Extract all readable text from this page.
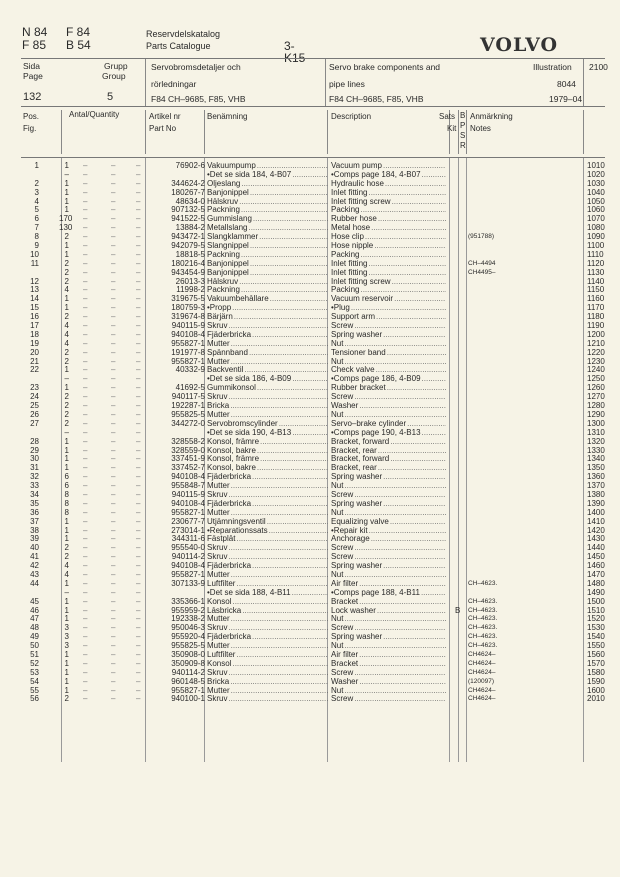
N 84	F 84
F 85	B 54
Reservdelskatalog
Parts Catalogue	3-K15
VOLVO
Sida
Page
Grupp
Group
132	5
Servobromsdetaljer och
rörledningar
F84 CH–9685, F85, VHB
Servo brake components and
pipe lines
F84 CH–9685, F85, VHB
Illustration
8044
1979–04
2100
Pos.
Fig.
Antal/Quantity	Artikel nr
Part No
Benämning	Description	Sats
Kit
B
P
S
R
Anmärkning
Notes
1	1	76902-6 Vakuumpump .....	Vacuum pump .....	1010
–	–	–
–	•Det se sida 184, 4-B07 .....	•Comps page 184, 4-B07 .....	1020
–	–	–
2	1	344624-2 Oljeslang .....	Hydraulic hose .....	1030
–	–	–
3	1	180267-7 Banjonippel .....	Inlet fitting .....	1040
–	–	–
4	1	48634-0 Hålskruv .....	Inlet fitting screw .....	1050
–	–	–
5	1	907132-5 Packning .....	Packing .....	1060
–	–	–
6	170	941522-5 Gummislang .....	Rubber hose .....	1070
–	–	–
7	130	13884-2 Metallslang .....	Metal hose .....	1080
–	–	–
8	2	943472-1 Slangklammer .....	Hose clip .....	(951788)	1090
–	–	–
9	1	942079-5 Slangnippel .....	Hose nipple .....	1100
–	–	–
10	1	18818-5 Packning .....	Packing .....	1110
–	–	–
11	2	180216-4 Banjonippel .....	Inlet fitting .....	CH–4494	1120
–	–	–
2	943454-9 Banjonippel .....	Inlet fitting .....	CH4495–	1130
–	–	–
12	2	26013-3 Hålskruv .....	Inlet fitting screw .....	1140
–	–	–
13	4	11998-2 Packning .....	Packing .....	1150
–	–	–
14	1	319675-5 Vakuumbehållare .....	Vacuum reservoir .....	1160
–	–	–
15	1	180759-3 •Propp .....	•Plug .....	1170
–	–	–
16	2	319674-8 Bärjärn .....	Support arm .....	1180
–	–	–
17	4	940115-9 Skruv .....	Screw .....	1190
–	–	–
18	4	940108-4 Fjäderbricka .....	Spring washer .....	1200
–	–	–
19	4	955827-1 Mutter .....	Nut .....	1210
–	–	–
20	2	191977-8 Spännband .....	Tensioner band .....	1220
–	–	–
21	2	955827-1 Mutter .....	Nut .....	1230
–	–	–
22	1	40332-9 Backventil .....	Check valve .....	1240
–	–	–
–	•Det se sida 186, 4-B09 .....	•Comps page 186, 4-B09 .....	1250
–	–	–
23	1	41692-5 Gummikonsol .....	Rubber bracket .....	1260
–	–	–
24	2	940117-5 Skruv .....	Screw .....	1270
–	–	–
25	2	192287-1 Bricka .....	Washer .....	1280
–	–	–
26	2	955825-5 Mutter .....	Nut .....	1290
–	–	–
27	2	344272-0 Servobromscylinder .....	Servo–brake cylinder .....	1300
–	–	–
–	•Det se sida 190, 4-B13 .....	•Comps page 190, 4-B13 .....	1310
–	–	–
28	1	328558-2 Konsol, främre .....	Bracket, forward .....	1320
–	–	–
29	1	328559-0 Konsol, bakre .....	Bracket, rear .....	1330
–	–	–
30	1	337451-9 Konsol, främre .....	Bracket, forward .....	1340
–	–	–
31	1	337452-7 Konsol, bakre .....	Bracket, rear .....	1350
–	–	–
32	6	940108-4 Fjäderbricka .....	Spring washer .....	1360
–	–	–
33	6	955848-7 Mutter .....	Nut .....	1370
–	–	–
34	8	940115-9 Skruv .....	Screw .....	1380
–	–	–
35	8	940108-4 Fjäderbricka .....	Spring washer .....	1390
–	–	–
36	8	955827-1 Mutter .....	Nut .....	1400
–	–	–
37	1	230677-7 Utjämningsventil .....	Equalizing valve .....	1410
–	–	–
38	1	273014-1 •Reparationssats .....	•Repair kit .....	1420
–	–	–
39	1	344311-6 Fästplåt .....	Anchorage .....	1430
–	–	–
40	2	955540-0 Skruv .....	Screw .....	1440
–	–	–
41	2	940114-2 Skruv .....	Screw .....	1450
–	–	–
42	4	940108-4 Fjäderbricka .....	Spring washer .....	1460
–	–	–
43	4	955827-1 Mutter .....	Nut .....	1470
–	–	–
44	1	307133-9 Luftfilter .....	Air filter .....	CH–4623.	1480
–	–	–
–	•Det se sida 188, 4-B11 .....	•Comps page 188, 4-B11 .....	1490
–	–	–
45	1	335366-1 Konsol .....	Bracket .....	CH–4623.	1500
–	–	–
46	1	955959-2 Låsbricka .....	Lock washer .....	B CH–4623.	1510
–	–	–
47	1	192338-2 Mutter .....	Nut .....	CH–4623.	1520
–	–	–
48	3	950046-3 Skruv .....	Screw .....	CH–4623.	1530
–	–	–
49	3	955920-4 Fjäderbricka .....	Spring washer .....	CH–4623.	1540
–	–	–
50	3	955825-5 Mutter .....	Nut .....	CH–4623.	1550
–	–	–
51	1	350908-0 Luftfilter .....	Air filter .....	CH4624–	1560
–	–	–
52	1	350909-8 Konsol .....	Bracket .....	CH4624–	1570
–	–	–
53	1	940114-2 Skruv .....	Screw .....	CH4624–	1580
–	–	–
54	1	960148-5 Bricka .....	Washer .....	(120097)	1590
–	–	–
55	1	955827-1 Mutter .....	Nut .....	CH4624–	1600
–	–	–
56	2	940100-1 Skruv .....	Screw .....	CH4624–	2010
–	–	–
